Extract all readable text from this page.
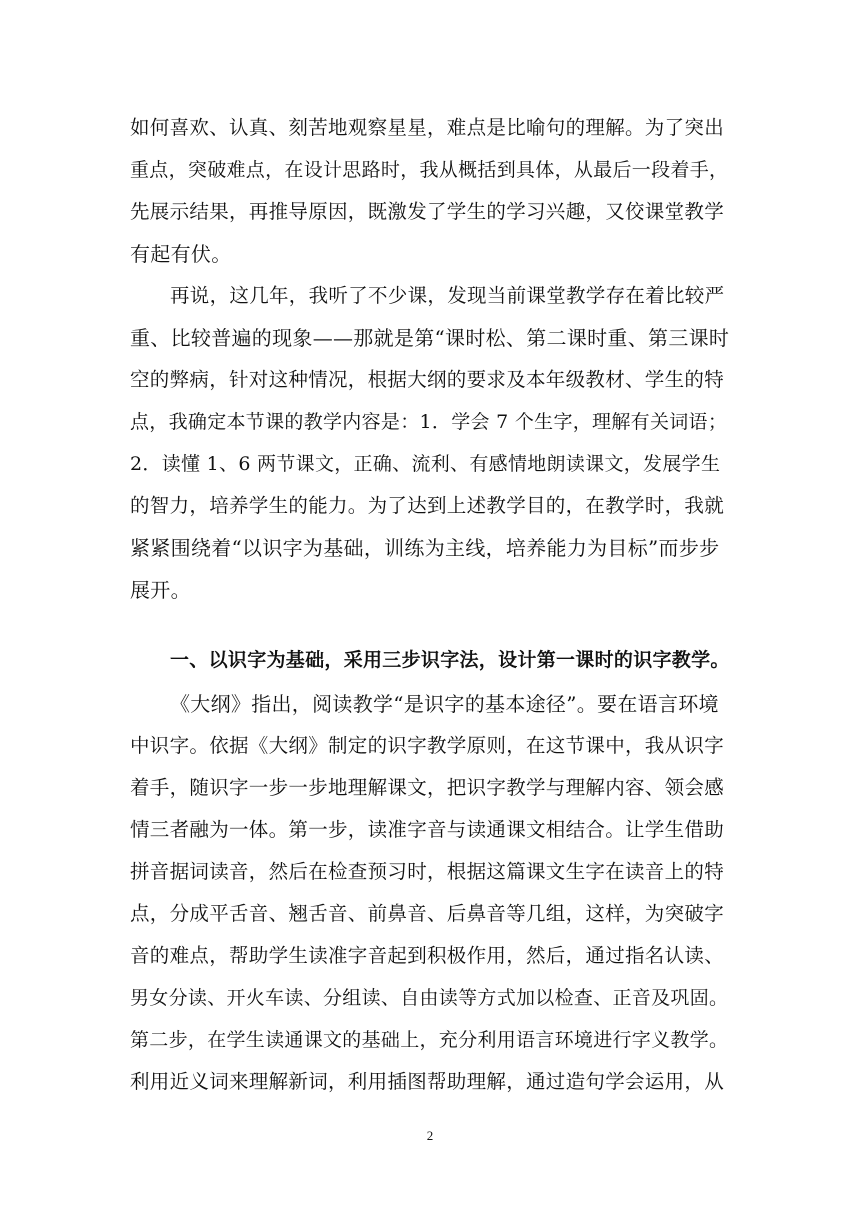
如何喜欢、认真、刻苦地观察星星，难点是比喻句的理解。为了突出
重点，突破难点，在设计思路时，我从概括到具体，从最后一段着手，
先展示结果，再推导原因，既激发了学生的学习兴趣，又佼课堂教学
有起有伏。
再说，这几年，我听了不少课，发现当前课堂教学存在着比较严
重、比较普遍的现象——那就是第“课时松、第二课时重、第三课时
空的弊病，针对这种情况，根据大纲的要求及本年级教材、学生的特
点，我确定本节课的教学内容是：1．学会 7 个生字，理解有关词语；
2．读懂 1、6 两节课文，正确、流利、有感情地朗读课文，发展学生
的智力，培养学生的能力。为了达到上述教学目的，在教学时，我就
紧紧围绕着“以识字为基础，训练为主线，培养能力为目标”而步步
展开。
一、以识字为基础，采用三步识字法，设计第一课时的识字教学。
《大纲》指出，阅读教学“是识字的基本途径”。要在语言环境
中识字。依据《大纲》制定的识字教学原则，在这节课中，我从识字
着手，随识字一步一步地理解课文，把识字教学与理解内容、领会感
情三者融为一体。第一步，读准字音与读通课文相结合。让学生借助
拼音据词读音，然后在检查预习时，根据这篇课文生字在读音上的特
点，分成平舌音、翘舌音、前鼻音、后鼻音等几组，这样，为突破字
音的难点，帮助学生读准字音起到积极作用，然后，通过指名认读、
男女分读、开火车读、分组读、自由读等方式加以检查、正音及巩固。
第二步，在学生读通课文的基础上，充分利用语言环境进行字义教学。
利用近义词来理解新词，利用插图帮助理解，通过造句学会运用，从
2
